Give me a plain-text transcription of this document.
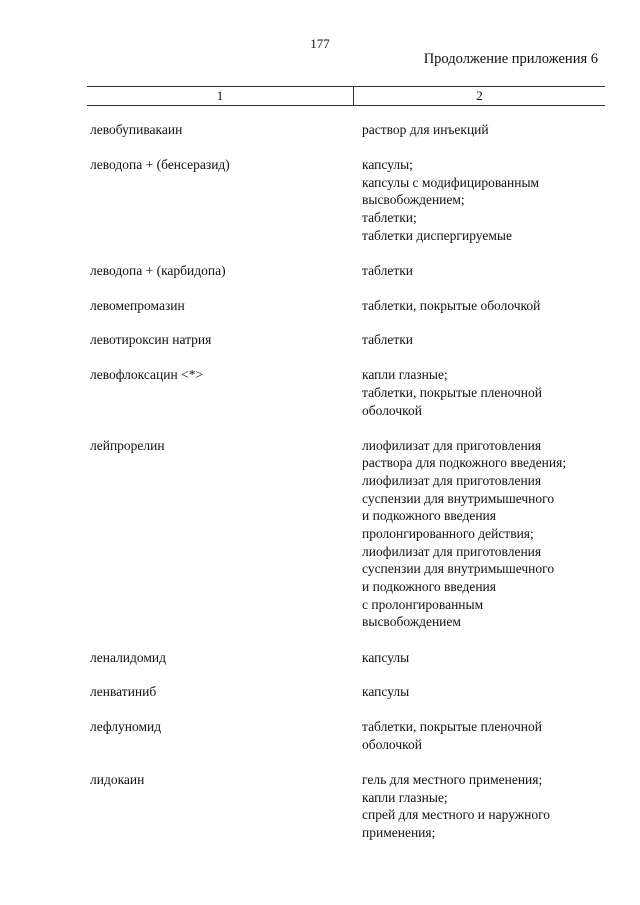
177
Продолжение приложения 6
1	2
левобупивакаин	раствор для инъекций
леводопа + (бенсеразид)	капсулы;
капсулы с модифицированным
высвобождением;
таблетки;
таблетки диспергируемые
леводопа + (карбидопа)	таблетки
левомепромазин	таблетки, покрытые оболочкой
левотироксин натрия	таблетки
левофлоксацин <*>	капли глазные;
таблетки, покрытые пленочной
оболочкой
лейпрорелин	лиофилизат для приготовления
раствора для подкожного введения;
лиофилизат для приготовления
суспензии для внутримышечного
и подкожного введения
пролонгированного действия;
лиофилизат для приготовления
суспензии для внутримышечного
и подкожного введения
с пролонгированным
высвобождением
леналидомид	капсулы
ленватиниб	капсулы
лефлуномид	таблетки, покрытые пленочной
оболочкой
лидокаин	гель для местного применения;
капли глазные;
спрей для местного и наружного
применения;
